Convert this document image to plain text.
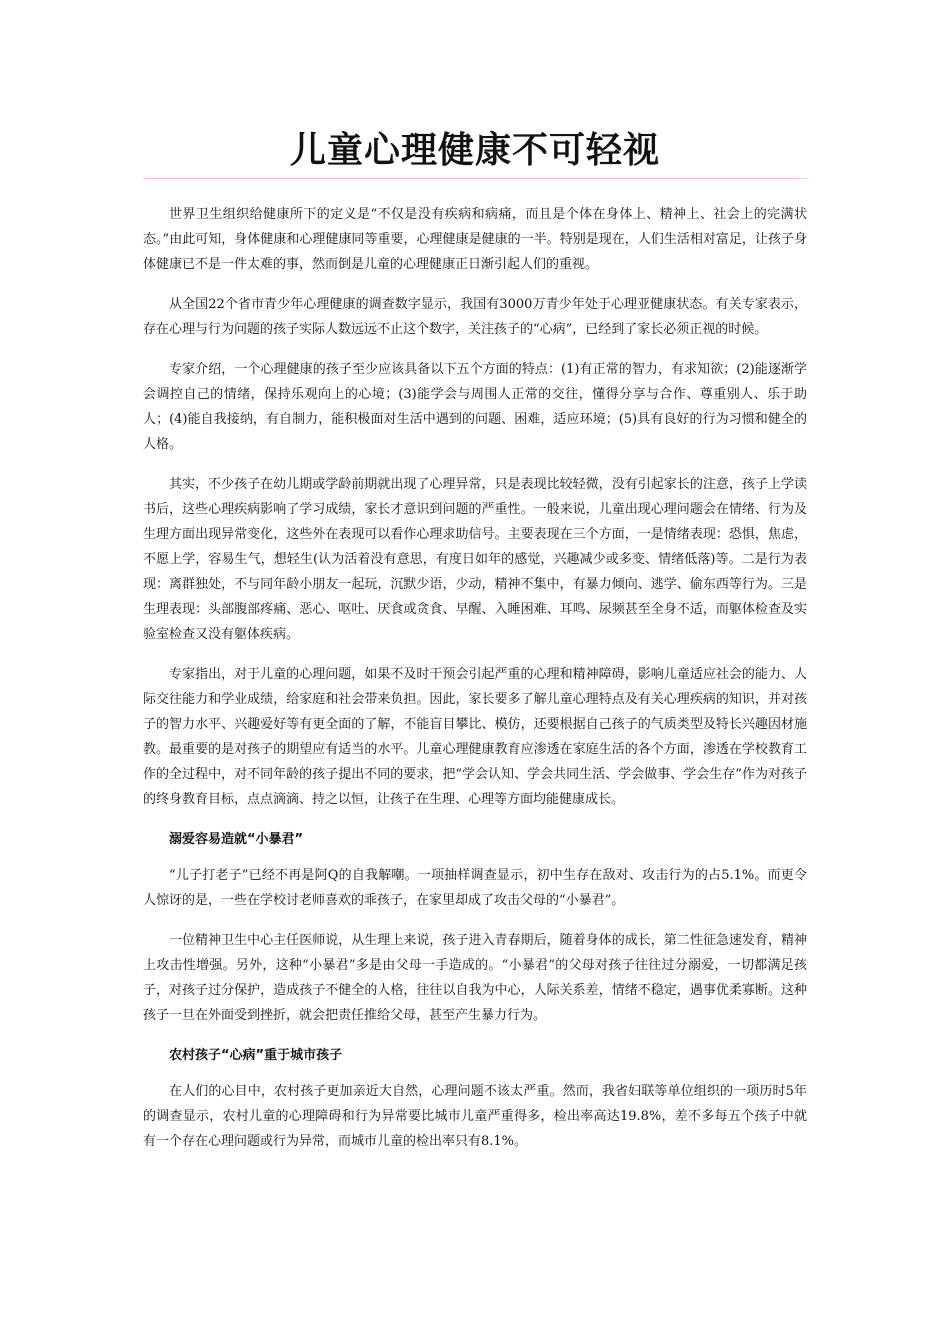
儿童心理健康不可轻视

世界卫生组织给健康所下的定义是“不仅是没有疾病和病痛，而且是个体在身体上、精神上、社会上的完满状态。”由此可知，身体健康和心理健康同等重要，心理健康是健康的一半。特别是现在，人们生活相对富足，让孩子身体健康已不是一件太难的事，然而倒是儿童的心理健康正日渐引起人们的重视。

从全国22个省市青少年心理健康的调查数字显示，我国有3000万青少年处于心理亚健康状态。有关专家表示，存在心理与行为问题的孩子实际人数远远不止这个数字，关注孩子的“心病”，已经到了家长必须正视的时候。

专家介绍，一个心理健康的孩子至少应该具备以下五个方面的特点：(1)有正常的智力，有求知欲；(2)能逐渐学会调控自己的情绪，保持乐观向上的心境；(3)能学会与周围人正常的交往，懂得分享与合作、尊重别人、乐于助人；(4)能自我接纳，有自制力，能积极面对生活中遇到的问题、困难，适应环境；(5)具有良好的行为习惯和健全的人格。

其实，不少孩子在幼儿期或学龄前期就出现了心理异常，只是表现比较轻微，没有引起家长的注意，孩子上学读书后，这些心理疾病影响了学习成绩，家长才意识到问题的严重性。一般来说，儿童出现心理问题会在情绪、行为及生理方面出现异常变化，这些外在表现可以看作心理求助信号。主要表现在三个方面，一是情绪表现：恐惧，焦虑，不愿上学，容易生气，想轻生(认为活着没有意思，有度日如年的感觉，兴趣减少或多变、情绪低落)等。二是行为表现：离群独处，不与同年龄小朋友一起玩，沉默少语，少动，精神不集中，有暴力倾向、逃学、偷东西等行为。三是生理表现：头部腹部疼痛、恶心、呕吐、厌食或贪食、早醒、入睡困难、耳鸣、尿频甚至全身不适，而躯体检查及实验室检查又没有躯体疾病。

专家指出，对于儿童的心理问题，如果不及时干预会引起严重的心理和精神障碍，影响儿童适应社会的能力、人际交往能力和学业成绩，给家庭和社会带来负担。因此，家长要多了解儿童心理特点及有关心理疾病的知识，并对孩子的智力水平、兴趣爱好等有更全面的了解，不能盲目攀比、模仿，还要根据自己孩子的气质类型及特长兴趣因材施教。最重要的是对孩子的期望应有适当的水平。儿童心理健康教育应渗透在家庭生活的各个方面，渗透在学校教育工作的全过程中，对不同年龄的孩子提出不同的要求，把“学会认知、学会共同生活、学会做事、学会生存”作为对孩子的终身教育目标，点点滴滴、持之以恒，让孩子在生理、心理等方面均能健康成长。

溺爱容易造就“小暴君”

“儿子打老子”已经不再是阿Q的自我解嘲。一项抽样调查显示，初中生存在敌对、攻击行为的占5.1%。而更令人惊讶的是，一些在学校讨老师喜欢的乖孩子，在家里却成了攻击父母的“小暴君”。

一位精神卫生中心主任医师说，从生理上来说，孩子进入青春期后，随着身体的成长，第二性征急速发育，精神上攻击性增强。另外，这种“小暴君”多是由父母一手造成的。“小暴君”的父母对孩子往往过分溺爱，一切都满足孩子，对孩子过分保护，造成孩子不健全的人格，往往以自我为中心，人际关系差，情绪不稳定，遇事优柔寡断。这种孩子一旦在外面受到挫折，就会把责任推给父母，甚至产生暴力行为。

农村孩子“心病”重于城市孩子

在人们的心目中，农村孩子更加亲近大自然，心理问题不该太严重。然而，我省妇联等单位组织的一项历时5年的调查显示，农村儿童的心理障碍和行为异常要比城市儿童严重得多，检出率高达19.8%，差不多每五个孩子中就有一个存在心理问题或行为异常，而城市儿童的检出率只有8.1%。
